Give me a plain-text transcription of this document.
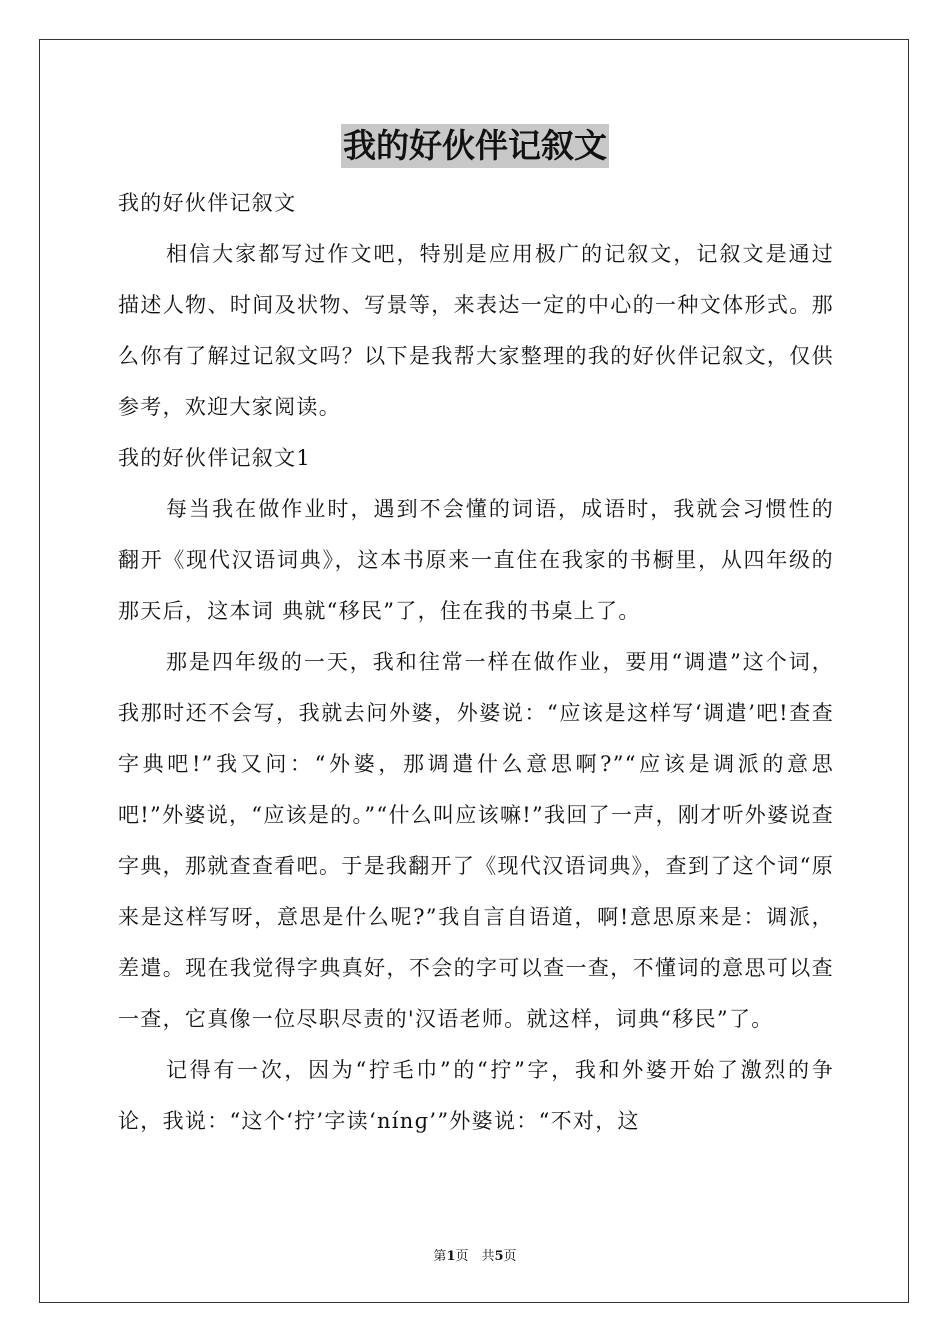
我的好伙伴记叙文
我的好伙伴记叙文

相信大家都写过作文吧，特别是应用极广的记叙文，记叙文是通过描述人物、时间及状物、写景等，来表达一定的中心的一种文体形式。那么你有了解过记叙文吗？以下是我帮大家整理的我的好伙伴记叙文，仅供参考，欢迎大家阅读。

我的好伙伴记叙文1

每当我在做作业时，遇到不会懂的词语，成语时，我就会习惯性的翻开《现代汉语词典》，这本书原来一直住在我家的书橱里，从四年级的那天后，这本词 典就“移民”了，住在我的书桌上了。

那是四年级的一天，我和往常一样在做作业，要用“调遣”这个词，我那时还不会写，我就去问外婆，外婆说：“应该是这样写‘调遣’吧!查查字典吧!”我又问：“外婆，那调遣什么意思啊?”“应该是调派的意思吧!”外婆说，“应该是的。”“什么叫应该嘛!”我回了一声，刚才听外婆说查字典，那就查查看吧。于是我翻开了《现代汉语词典》，查到了这个词“原来是这样写呀，意思是什么呢?”我自言自语道，啊!意思原来是：调派，差遣。现在我觉得字典真好，不会的字可以查一查，不懂词的意思可以查一查，它真像一位尽职尽责的'汉语老师。就这样，词典“移民”了。

记得有一次，因为“拧毛巾”的“拧”字，我和外婆开始了激烈的争论，我说：“这个‘拧’字读‘nínɡ’”外婆说：“不对，这

第1页　共5页
